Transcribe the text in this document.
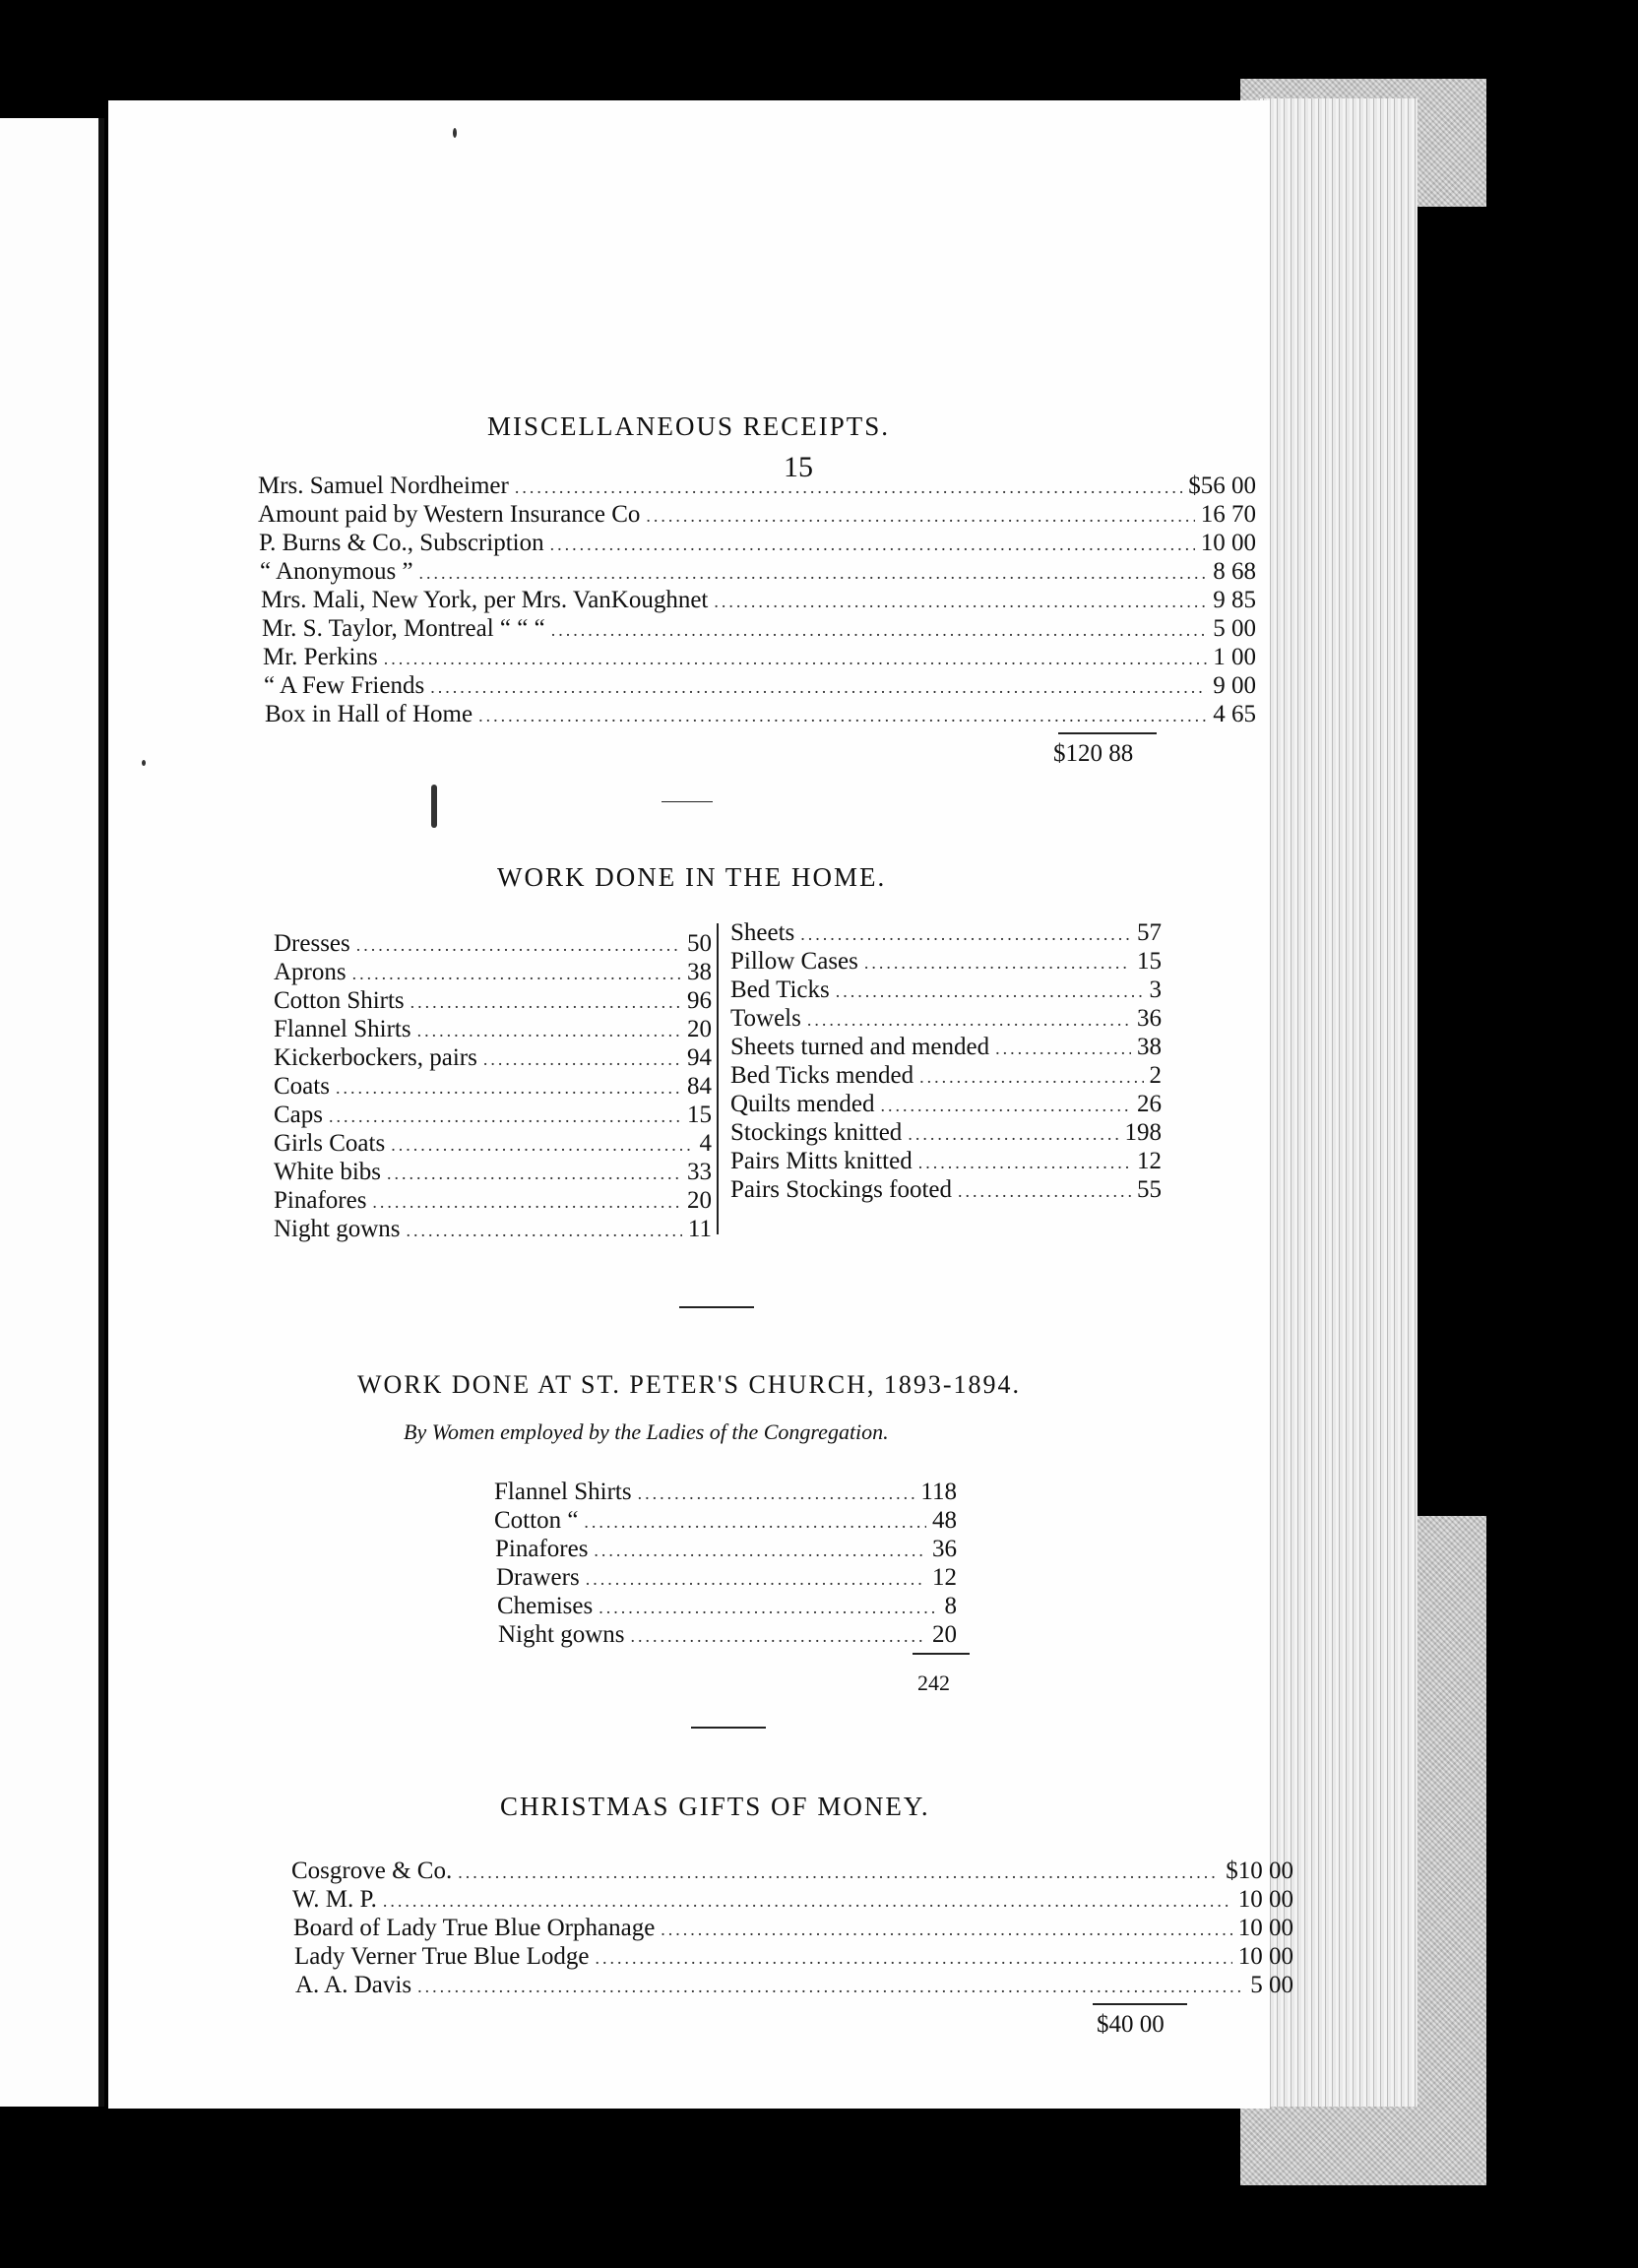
15
MISCELLANEOUS RECEIPTS.
Mrs. Samuel Nordheimer .....	$56 00
Amount paid by Western Insurance Co .....	16 70
P. Burns & Co., Subscription .....	10 00
“ Anonymous ” .....	8 68
Mrs. Mali, New York, per Mrs. VanKoughnet .....	9 85
Mr. S. Taylor, Montreal “ “ “ .....	5 00
Mr. Perkins .....	1 00
“ A Few Friends .....	9 00
Box in Hall of Home .....	4 65
$120 88
WORK DONE IN THE HOME.
Dresses .....	50
Aprons .....	38
Cotton Shirts .....	96
Flannel Shirts .....	20
Kickerbockers, pairs .....	94
Coats .....	84
Caps .....	15
Girls Coats .....	4
White bibs .....	33
Pinafores .....	20
Night gowns .....	11
Sheets .....	57
Pillow Cases .....	15
Bed Ticks .....	3
Towels .....	36
Sheets turned and mended .....	38
Bed Ticks mended .....	2
Quilts mended .....	26
Stockings knitted .....	198
Pairs Mitts knitted .....	12
Pairs Stockings footed .....	55
WORK DONE AT ST. PETER'S CHURCH, 1893-1894.
By Women employed by the Ladies of the Congregation.
Flannel Shirts .....	118
Cotton “ .....	48
Pinafores .....	36
Drawers .....	12
Chemises .....	8
Night gowns .....	20
242
CHRISTMAS GIFTS OF MONEY.
Cosgrove & Co. .....	$10 00
W. M. P. .....	10 00
Board of Lady True Blue Orphanage .....	10 00
Lady Verner True Blue Lodge .....	10 00
A. A. Davis .....	5 00
$40 00
